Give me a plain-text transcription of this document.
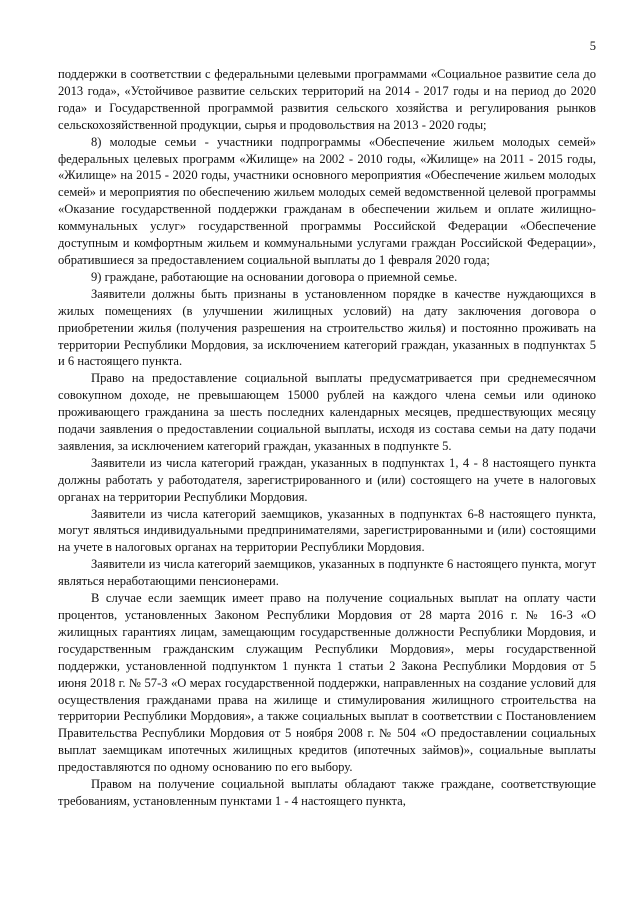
5

поддержки в соответствии с федеральными целевыми программами «Социальное развитие села до 2013 года», «Устойчивое развитие сельских территорий на 2014 - 2017 годы и на период до 2020 года» и Государственной программой развития сельского хозяйства и регулирования рынков сельскохозяйственной продукции, сырья и продовольствия на 2013 - 2020 годы;

8) молодые семьи - участники подпрограммы «Обеспечение жильем молодых семей» федеральных целевых программ «Жилище» на 2002 - 2010 годы, «Жилище» на 2011 - 2015 годы, «Жилище» на 2015 - 2020 годы, участники основного мероприятия «Обеспечение жильем молодых семей» и мероприятия по обеспечению жильем молодых семей ведомственной целевой программы «Оказание государственной поддержки гражданам в обеспечении жильем и оплате жилищно-коммунальных услуг» государственной программы Российской Федерации «Обеспечение доступным и комфортным жильем и коммунальными услугами граждан Российской Федерации», обратившиеся за предоставлением социальной выплаты до 1 февраля 2020 года;

9) граждане, работающие на основании договора о приемной семье.

Заявители должны быть признаны в установленном порядке в качестве нуждающихся в жилых помещениях (в улучшении жилищных условий) на дату заключения договора о приобретении жилья (получения разрешения на строительство жилья) и постоянно проживать на территории Республики Мордовия, за исключением категорий граждан, указанных в подпунктах 5 и 6 настоящего пункта.

Право на предоставление социальной выплаты предусматривается при среднемесячном совокупном доходе, не превышающем 15000 рублей на каждого члена семьи или одиноко проживающего гражданина за шесть последних календарных месяцев, предшествующих месяцу подачи заявления о предоставлении социальной выплаты, исходя из состава семьи на дату подачи заявления, за исключением категорий граждан, указанных в подпункте 5.

Заявители из числа категорий граждан, указанных в подпунктах 1, 4 - 8 настоящего пункта должны работать у работодателя, зарегистрированного и (или) состоящего на учете в налоговых органах на территории Республики Мордовия.

Заявители из числа категорий заемщиков, указанных в подпунктах 6-8 настоящего пункта, могут являться индивидуальными предпринимателями, зарегистрированными и (или) состоящими на учете в налоговых органах на территории Республики Мордовия.

Заявители из числа категорий заемщиков, указанных в подпункте 6 настоящего пункта, могут являться неработающими пенсионерами.

В случае если заемщик имеет право на получение социальных выплат на оплату части процентов, установленных Законом Республики Мордовия от 28 марта 2016 г. № 16-З «О жилищных гарантиях лицам, замещающим государственные должности Республики Мордовия, и государственным гражданским служащим Республики Мордовия», меры государственной поддержки, установленной подпунктом 1 пункта 1 статьи 2 Закона Республики Мордовия от 5 июня 2018 г. № 57-З «О мерах государственной поддержки, направленных на создание условий для осуществления гражданами права на жилище и стимулирования жилищного строительства на территории Республики Мордовия», а также социальных выплат в соответствии с Постановлением Правительства Республики Мордовия от 5 ноября 2008 г. № 504 «О предоставлении социальных выплат заемщикам ипотечных жилищных кредитов (ипотечных займов)», социальные выплаты предоставляются по одному основанию по его выбору.

Правом на получение социальной выплаты обладают также граждане, соответствующие требованиям, установленным пунктами 1 - 4 настоящего пункта,
